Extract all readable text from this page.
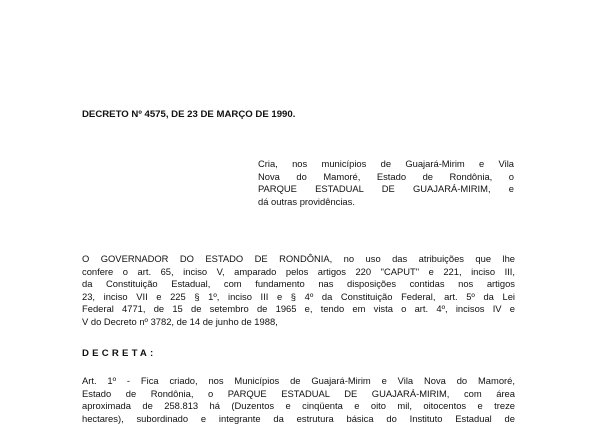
DECRETO Nº 4575, DE 23 DE MARÇO DE 1990.
Cria, nos municípios de Guajará-Mirim e Vila
Nova do Mamoré, Estado de Rondônia, o
PARQUE ESTADUAL DE GUAJARÁ-MIRIM, e
dá outras providências.
O GOVERNADOR DO ESTADO DE RONDÔNIA, no uso das atribuições que lhe
confere o art. 65, inciso V, amparado pelos artigos 220 "CAPUT" e 221, inciso III,
da Constituição Estadual, com fundamento nas disposições contidas nos artigos
23, inciso VII e 225 § 1º, inciso III e § 4º da Constituição Federal, art. 5º da Lei
Federal 4771, de 15 de setembro de 1965 e, tendo em vista o art. 4º, incisos IV e
V do Decreto nº 3782, de 14 de junho de 1988,
DECRETA:
Art. 1º - Fica criado, nos Municípios de Guajará-Mirim e Vila Nova do Mamoré,
Estado de Rondônia, o PARQUE ESTADUAL DE GUAJARÁ-MIRIM, com área
aproximada de 258.813 há (Duzentos e cinqüenta e oito mil, oitocentos e treze
hectares), subordinado e integrante da estrutura básica do Instituto Estadual de
